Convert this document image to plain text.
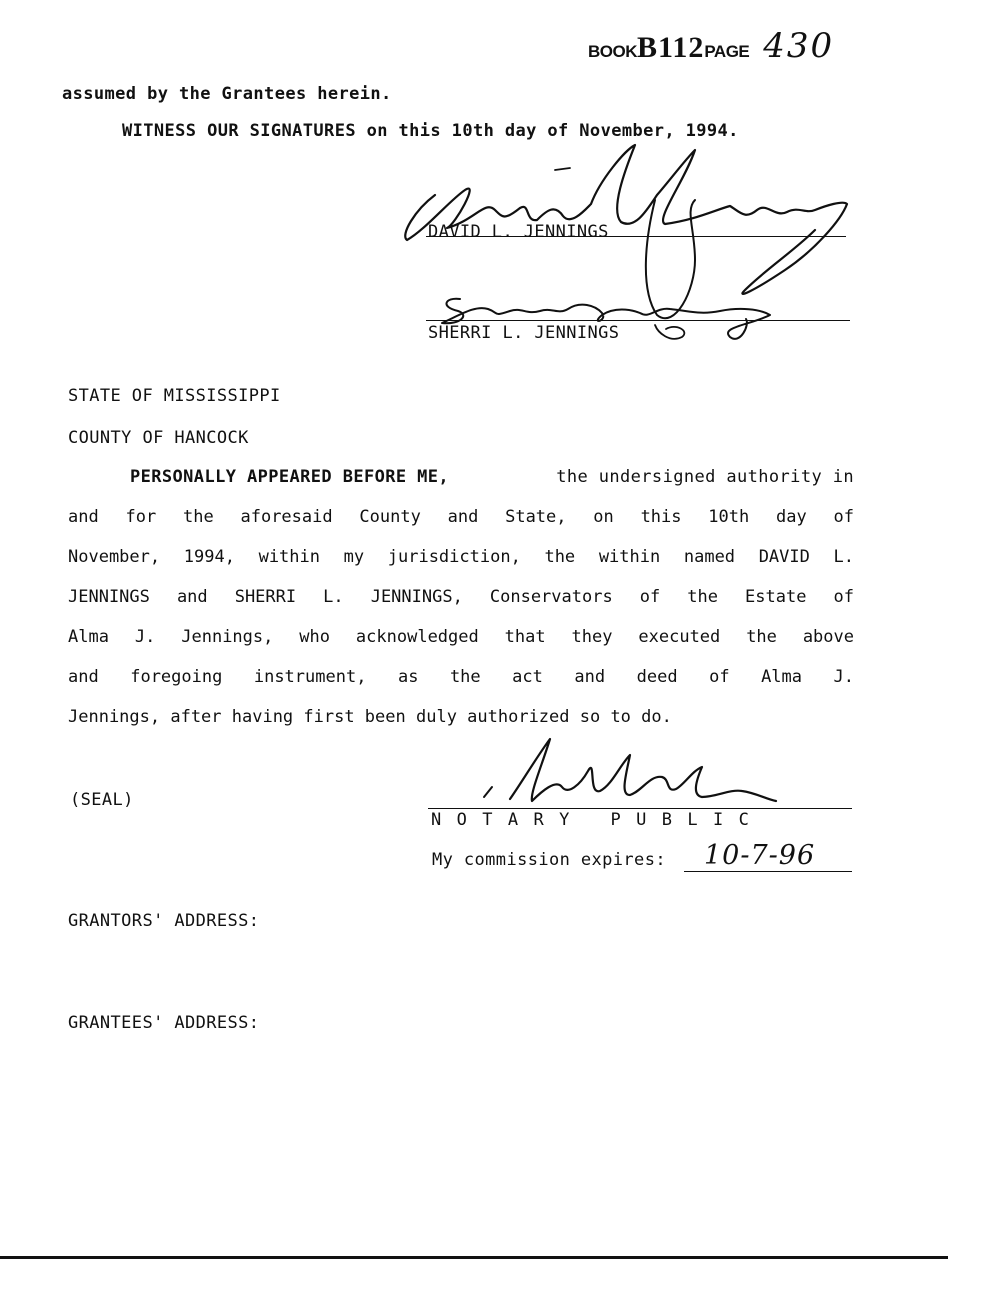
BOOKB112PAGE 430
assumed by the Grantees herein.
WITNESS OUR SIGNATURES on this 10th day of November, 1994.
DAVID L. JENNINGS
SHERRI L. JENNINGS
STATE OF MISSISSIPPI
COUNTY OF HANCOCK
PERSONALLY APPEARED BEFORE ME,	the undersigned authority in
and for the aforesaid County and State, on this 10th day of
November, 1994, within my jurisdiction, the within named DAVID L.
JENNINGS and SHERRI L. JENNINGS, Conservators of the Estate of
Alma J. Jennings, who acknowledged that they executed the above
and foregoing instrument, as the act and deed of Alma J.
Jennings, after having first been duly authorized so to do.
(SEAL)
NOTARY PUBLIC
My commission expires: 10-7-96
GRANTORS' ADDRESS:
GRANTEES' ADDRESS:
